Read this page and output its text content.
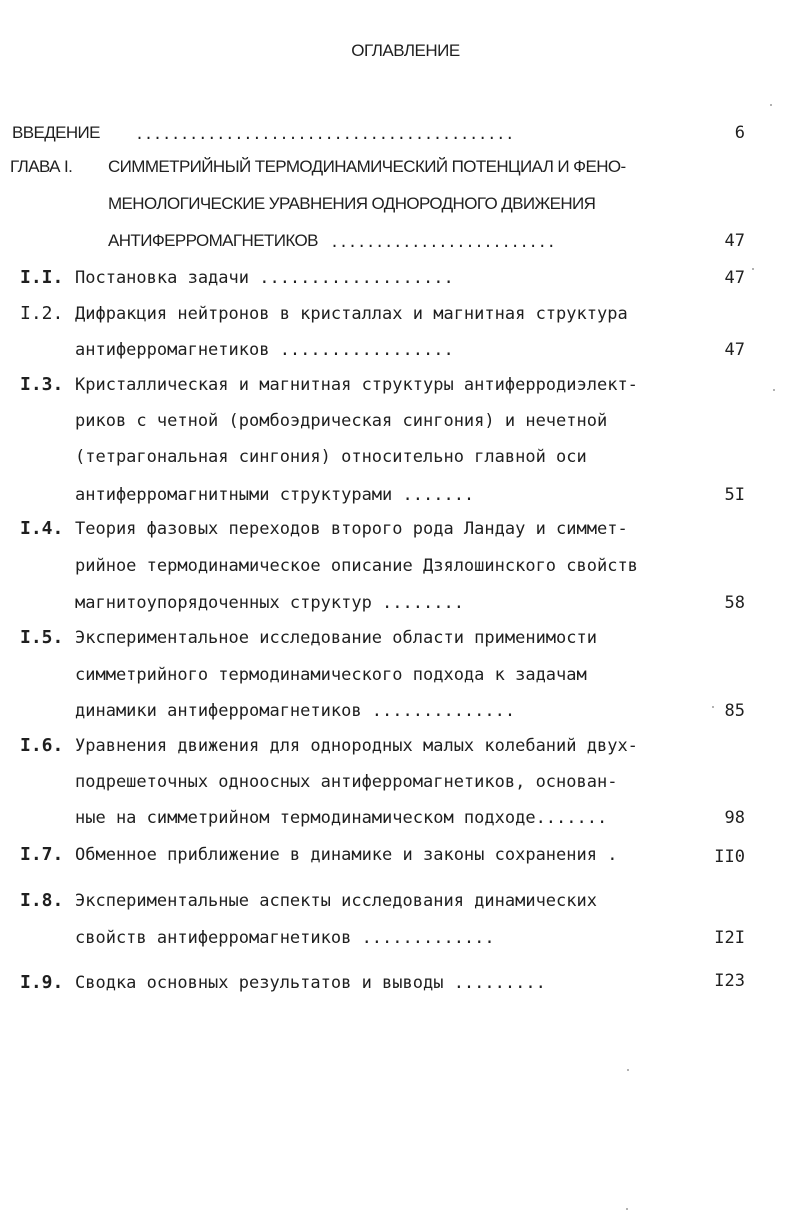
ОГЛАВЛЕНИЕ
ВВЕДЕНИЕ ..........................................	6
ГЛАВА I. СИММЕТРИЙНЫЙ ТЕРМОДИНАМИЧЕСКИЙ ПОТЕНЦИАЛ И ФЕНО-
МЕНОЛОГИЧЕСКИЕ УРАВНЕНИЯ ОДНОРОДНОГО ДВИЖЕНИЯ
АНТИФЕРРОМАГНЕТИКОВ .........................	47
I.I. Постановка задачи ...................	47
I.2. Дифракция нейтронов в кристаллах и магнитная структура
антиферромагнетиков .................	47
I.3. Кристаллическая и магнитная структуры антиферродиэлект-
риков с четной (ромбоэдрическая сингония) и нечетной
(тетрагональная сингония) относительно главной оси
антиферромагнитными структурами .......	5I
I.4. Теория фазовых переходов второго рода Ландау и симмет-
рийное термодинамическое описание Дзялошинского свойств
магнитоупорядоченных структур ........	58
I.5. Экспериментальное исследование области применимости
симметрийного термодинамического подхода к задачам
динамики антиферромагнетиков ..............	85
I.6. Уравнения движения для однородных малых колебаний двух-
подрешеточных одноосных антиферромагнетиков, основан-
ные на симметрийном термодинамическом подходе.......	98
I.7. Обменное приближение в динамике и законы сохранения .	II0
I.8. Экспериментальные аспекты исследования динамических
свойств антиферромагнетиков .............	I2I
I.9. Сводка основных результатов и выводы .........	I23
